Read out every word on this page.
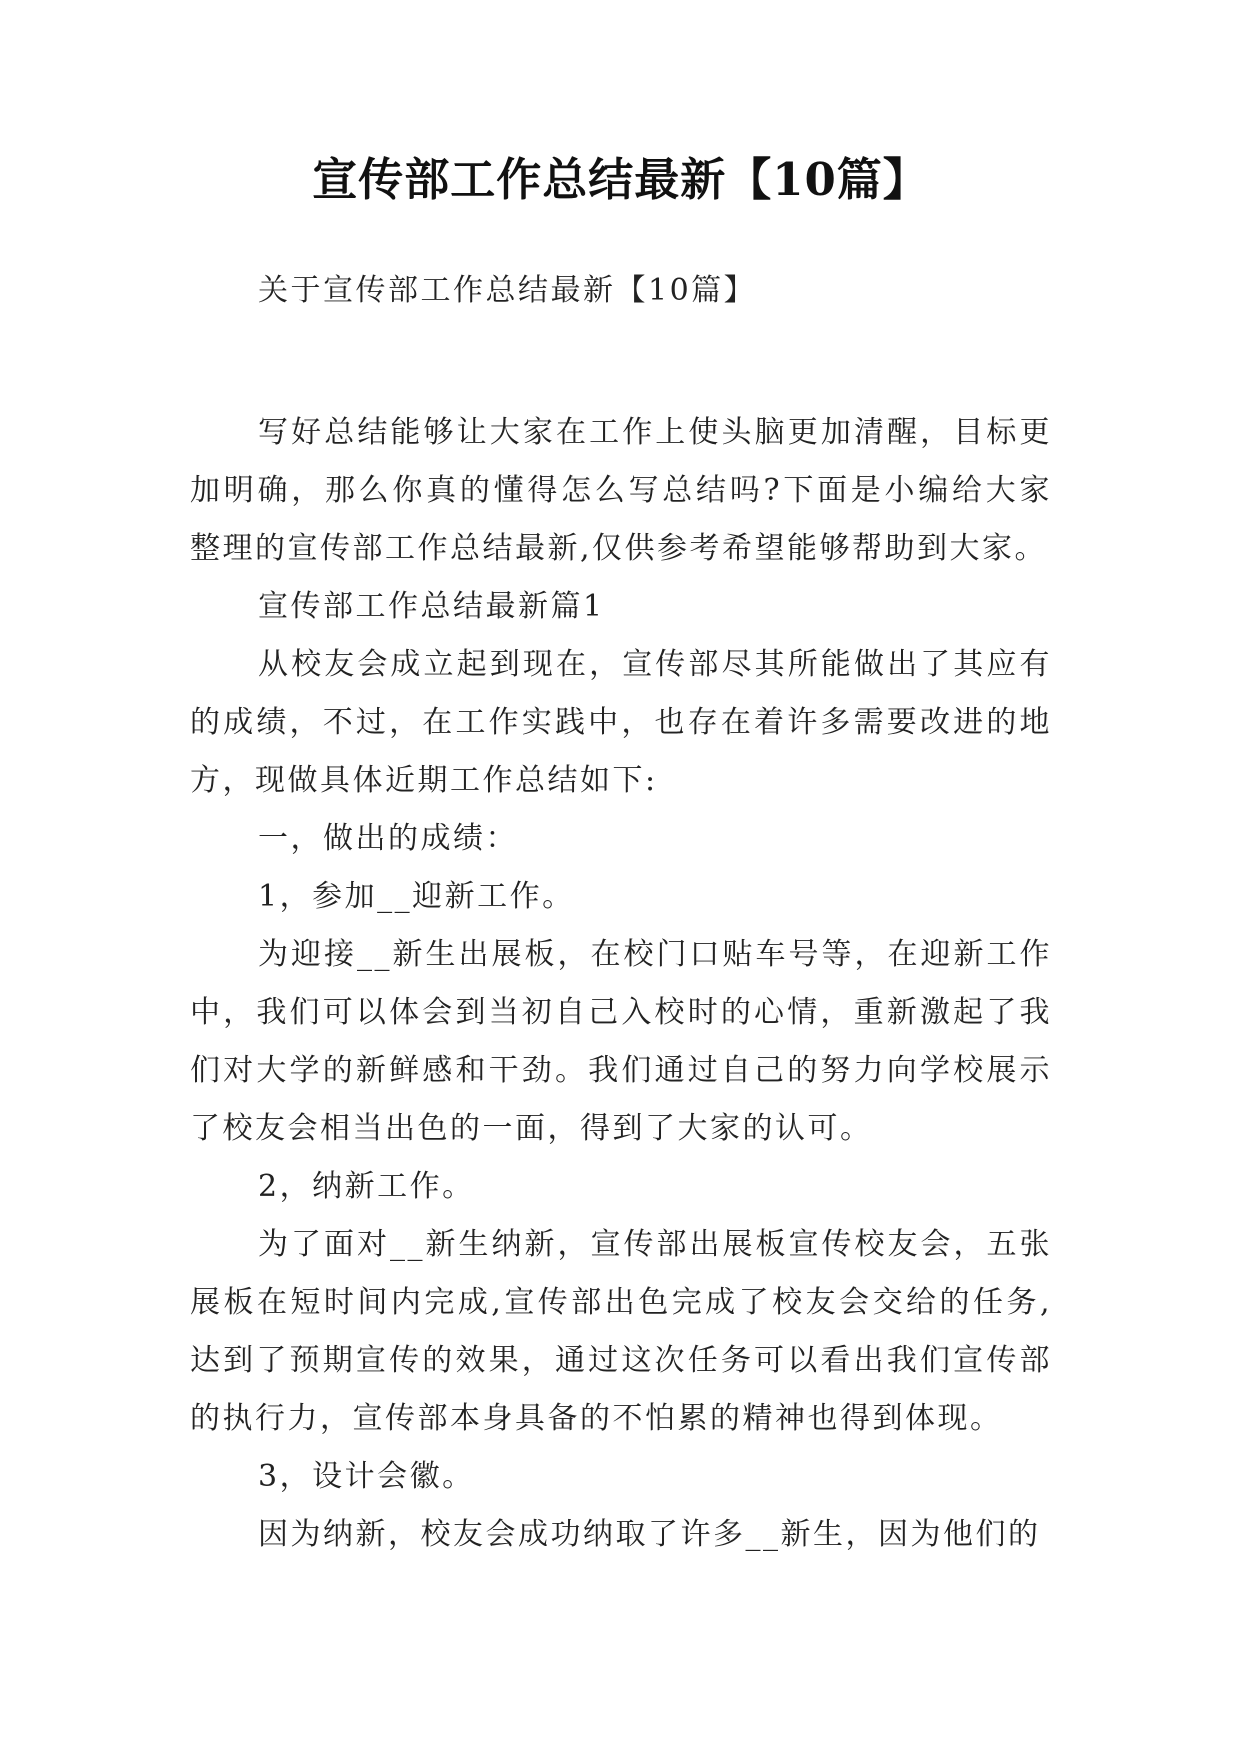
宣传部工作总结最新【10篇】

关于宣传部工作总结最新【10篇】

写好总结能够让大家在工作上使头脑更加清醒，目标更加明确，那么你真的懂得怎么写总结吗?下面是小编给大家整理的宣传部工作总结最新,仅供参考希望能够帮助到大家。

宣传部工作总结最新篇1

从校友会成立起到现在，宣传部尽其所能做出了其应有的成绩，不过，在工作实践中，也存在着许多需要改进的地方，现做具体近期工作总结如下:

一，做出的成绩：

1，参加__迎新工作。

为迎接__新生出展板，在校门口贴车号等，在迎新工作中，我们可以体会到当初自己入校时的心情，重新激起了我们对大学的新鲜感和干劲。我们通过自己的努力向学校展示了校友会相当出色的一面，得到了大家的认可。

2，纳新工作。

为了面对__新生纳新，宣传部出展板宣传校友会，五张展板在短时间内完成,宣传部出色完成了校友会交给的任务,达到了预期宣传的效果，通过这次任务可以看出我们宣传部的执行力，宣传部本身具备的不怕累的精神也得到体现。

3，设计会徽。

因为纳新，校友会成功纳取了许多__新生，因为他们的
